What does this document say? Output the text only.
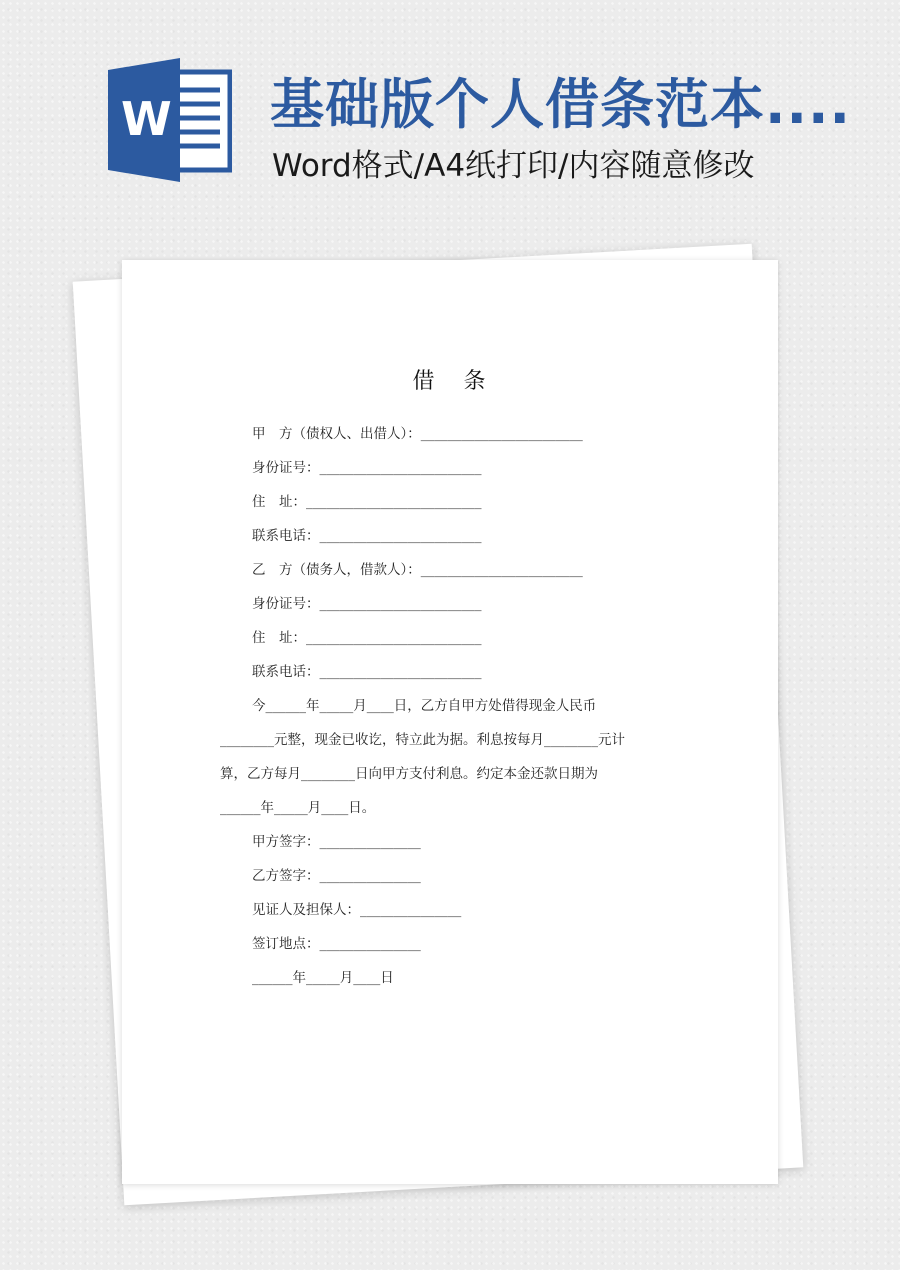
W 基础版个人借条范本....
Word格式/A4纸打印/内容随意修改
借   条
甲　方（债权人、出借人）：________________________
身份证号：________________________
住　址：__________________________
联系电话：________________________
乙　方（债务人，借款人）：________________________
身份证号：________________________
住　址：__________________________
联系电话：________________________
今______年_____月____日，乙方自甲方处借得现金人民币
________元整，现金已收讫，特立此为据。利息按每月________元计
算，乙方每月________日向甲方支付利息。约定本金还款日期为
______年_____月____日。
甲方签字：_______________
乙方签字：_______________
见证人及担保人：_______________
签订地点：_______________
______年_____月____日
